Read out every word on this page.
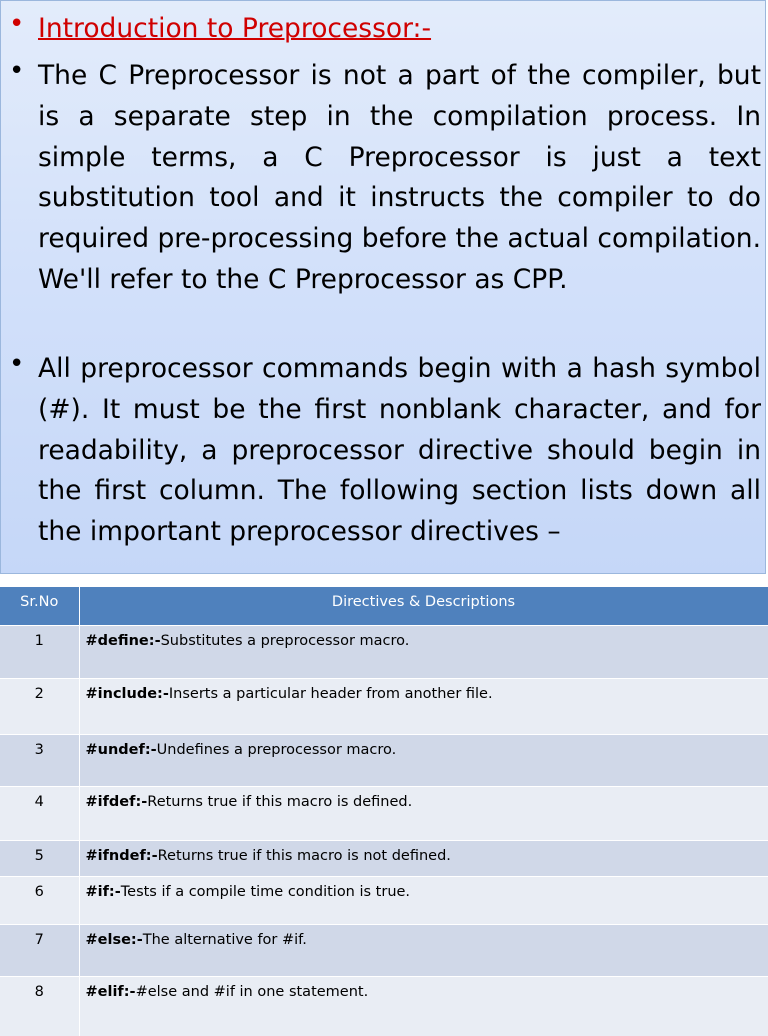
• Introduction to Preprocessor:-
• The C Preprocessor is not a part of the compiler, but is a separate step in the compilation process. In simple terms, a C Preprocessor is just a text substitution tool and it instructs the compiler to do required pre-processing before the actual compilation. We'll refer to the C Preprocessor as CPP.
• All preprocessor commands begin with a hash symbol (#). It must be the first nonblank character, and for readability, a preprocessor directive should begin in the first column. The following section lists down all the important preprocessor directives –
Sr.No	Directives & Descriptions
1	#define:-Substitutes a preprocessor macro.
2	#include:-Inserts a particular header from another file.
3	#undef:-Undefines a preprocessor macro.
4	#ifdef:-Returns true if this macro is defined.
5	#ifndef:-Returns true if this macro is not defined.
6	#if:-Tests if a compile time condition is true.
7	#else:-The alternative for #if.
8	#elif:-#else and #if in one statement.
